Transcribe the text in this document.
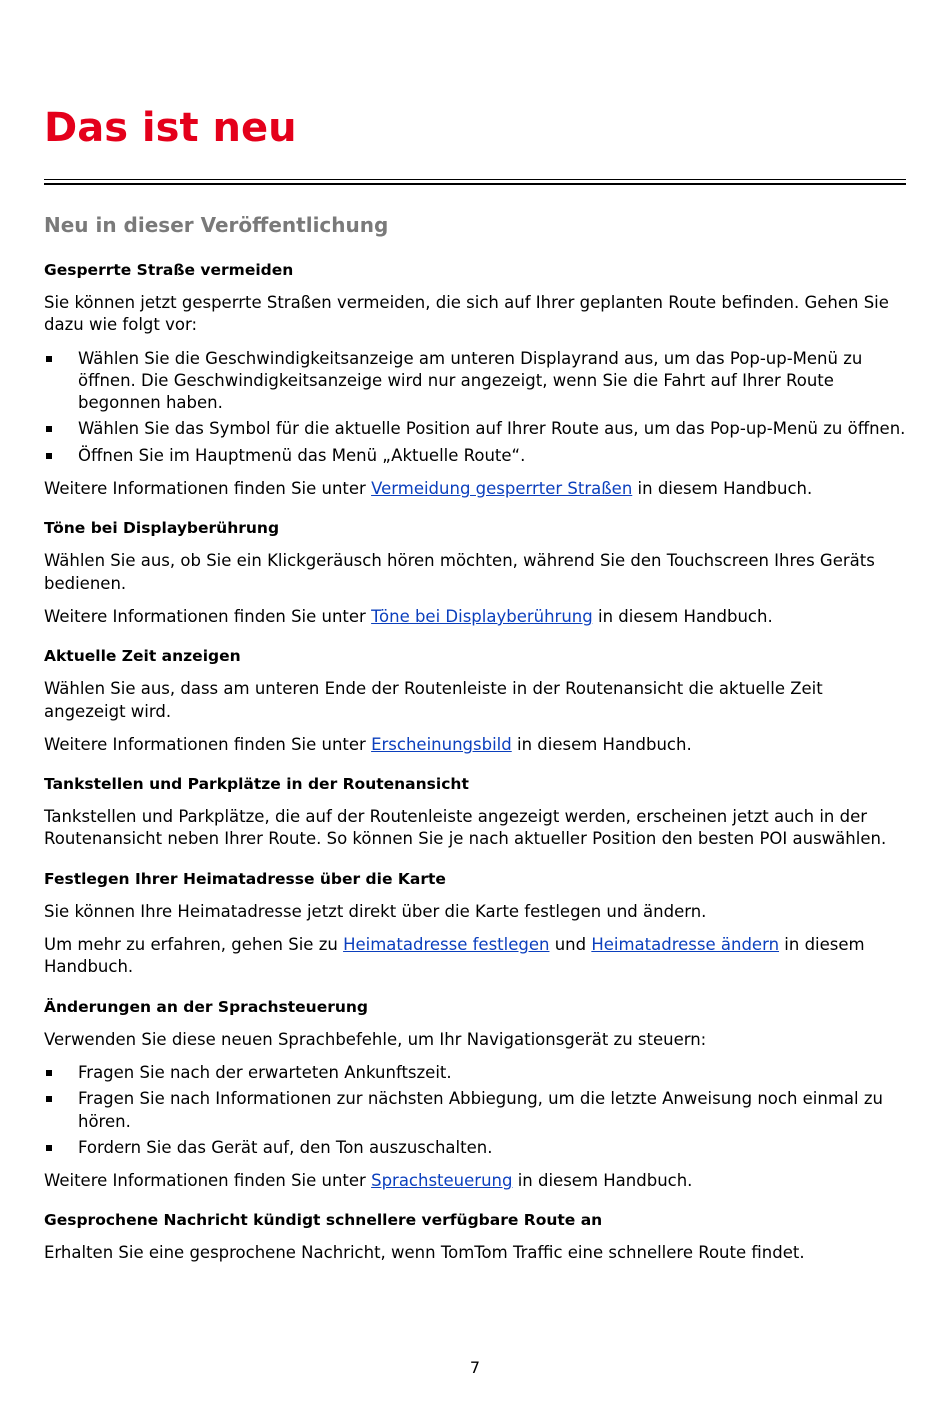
Das ist neu
Neu in dieser Veröffentlichung
Gesperrte Straße vermeiden

Sie können jetzt gesperrte Straßen vermeiden, die sich auf Ihrer geplanten Route befinden. Gehen Sie dazu wie folgt vor:

Wählen Sie die Geschwindigkeitsanzeige am unteren Displayrand aus, um das Pop-up-Menü zu öffnen. Die Geschwindigkeitsanzeige wird nur angezeigt, wenn Sie die Fahrt auf Ihrer Route begonnen haben.
Wählen Sie das Symbol für die aktuelle Position auf Ihrer Route aus, um das Pop-up-Menü zu öffnen.
Öffnen Sie im Hauptmenü das Menü „Aktuelle Route“.

Weitere Informationen finden Sie unter Vermeidung gesperrter Straßen in diesem Handbuch.

Töne bei Displayberührung

Wählen Sie aus, ob Sie ein Klickgeräusch hören möchten, während Sie den Touchscreen Ihres Geräts bedienen.

Weitere Informationen finden Sie unter Töne bei Displayberührung in diesem Handbuch.

Aktuelle Zeit anzeigen

Wählen Sie aus, dass am unteren Ende der Routenleiste in der Routenansicht die aktuelle Zeit angezeigt wird.

Weitere Informationen finden Sie unter Erscheinungsbild in diesem Handbuch.

Tankstellen und Parkplätze in der Routenansicht

Tankstellen und Parkplätze, die auf der Routenleiste angezeigt werden, erscheinen jetzt auch in der Routenansicht neben Ihrer Route. So können Sie je nach aktueller Position den besten POI auswählen.

Festlegen Ihrer Heimatadresse über die Karte

Sie können Ihre Heimatadresse jetzt direkt über die Karte festlegen und ändern.

Um mehr zu erfahren, gehen Sie zu Heimatadresse festlegen und Heimatadresse ändern in diesem Handbuch.

Änderungen an der Sprachsteuerung

Verwenden Sie diese neuen Sprachbefehle, um Ihr Navigationsgerät zu steuern:

Fragen Sie nach der erwarteten Ankunftszeit.
Fragen Sie nach Informationen zur nächsten Abbiegung, um die letzte Anweisung noch einmal zu hören.
Fordern Sie das Gerät auf, den Ton auszuschalten.

Weitere Informationen finden Sie unter Sprachsteuerung in diesem Handbuch.

Gesprochene Nachricht kündigt schnellere verfügbare Route an

Erhalten Sie eine gesprochene Nachricht, wenn TomTom Traffic eine schnellere Route findet.

7
